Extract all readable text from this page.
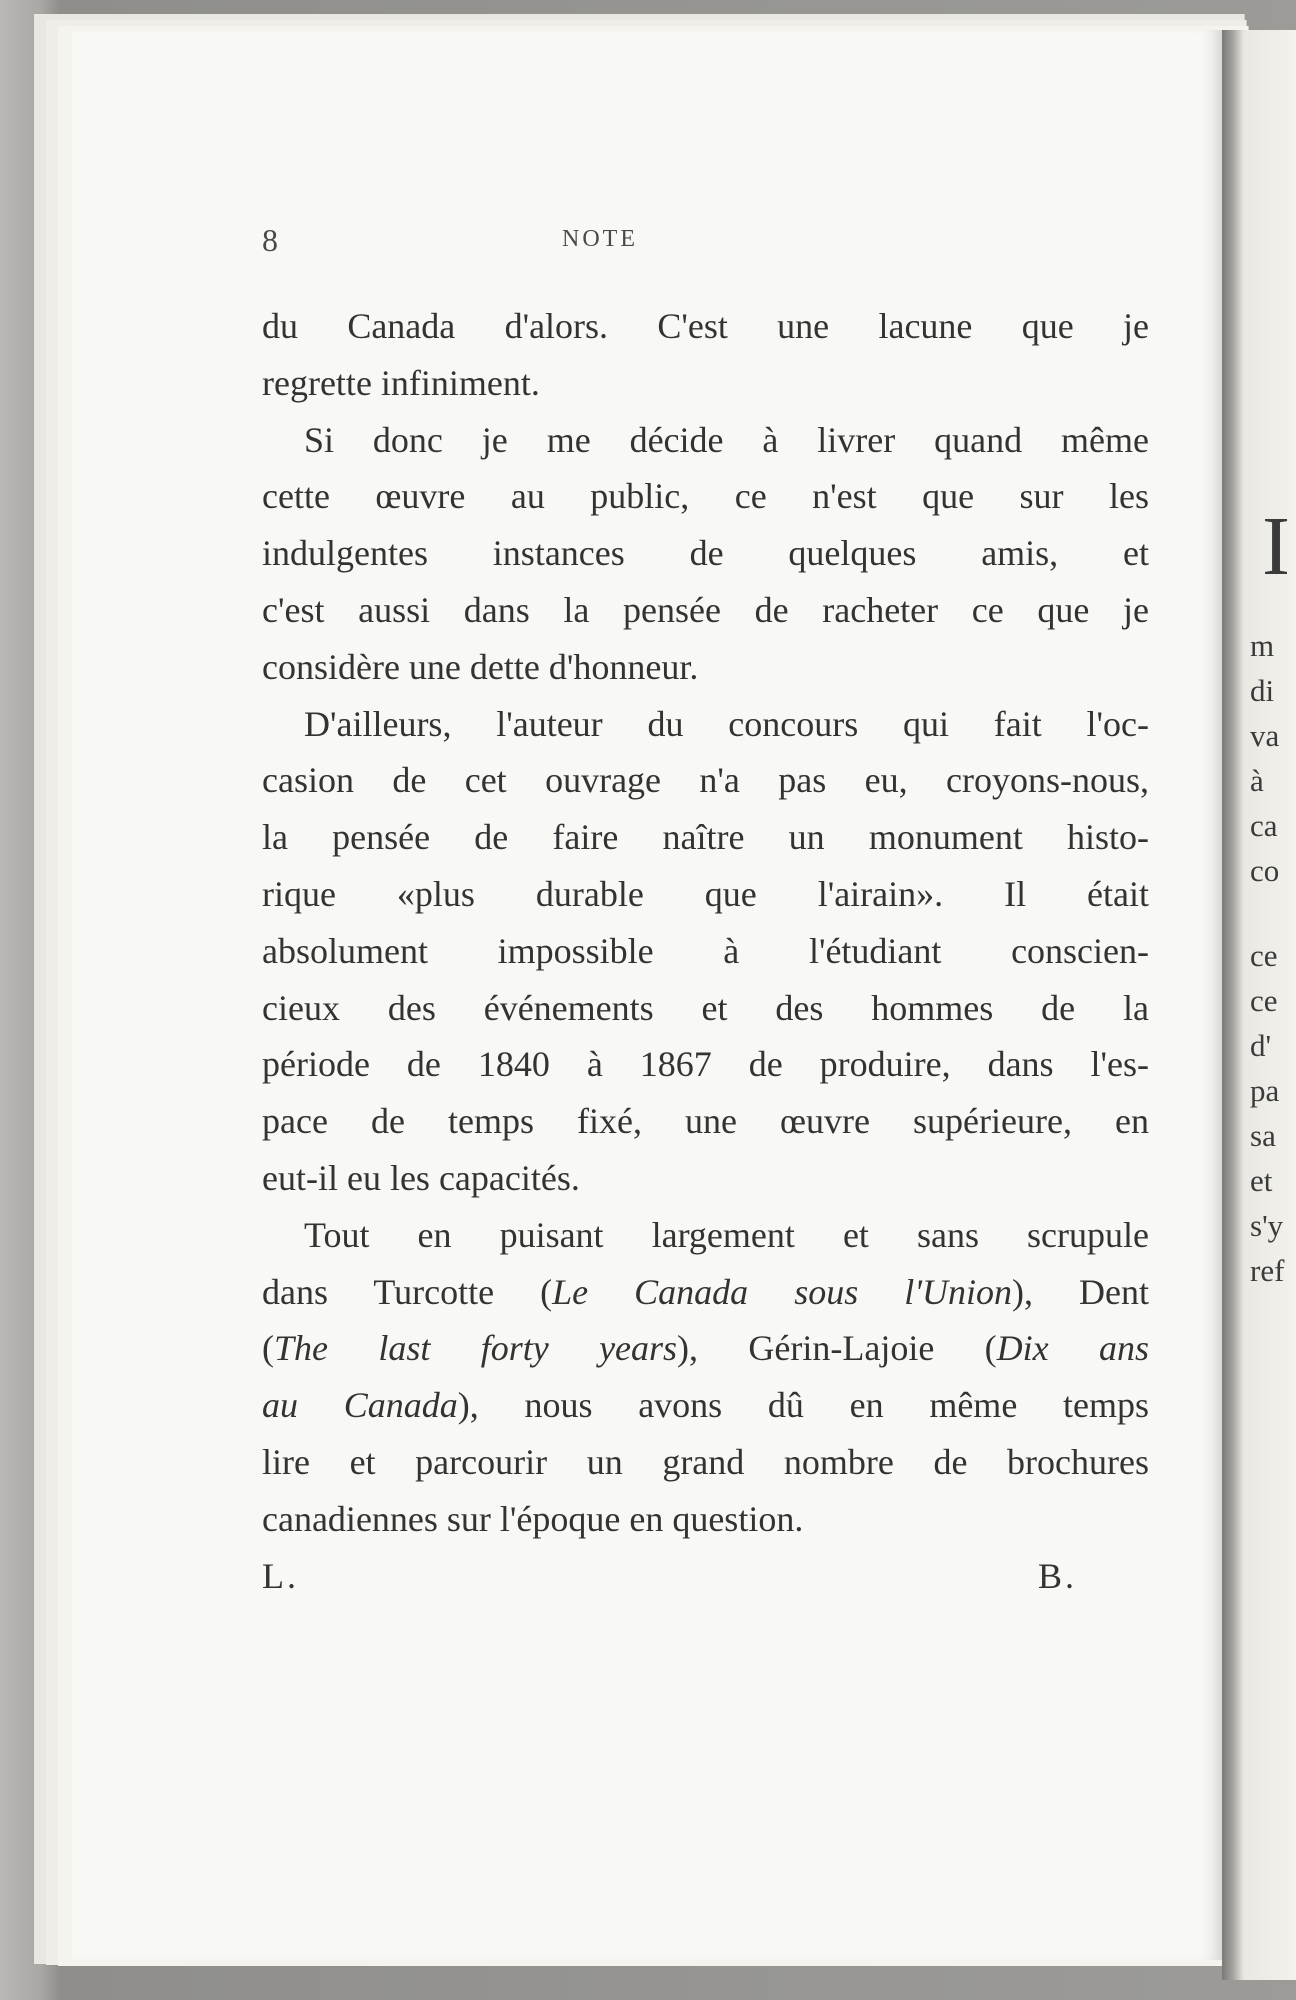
I
m
di
va
à
ca
co
ce
ce
d'
pa
sa
et
s'y
ref
8	NOTE
du Canada d'alors. C'est une lacune que je
regrette infiniment.
Si donc je me décide à livrer quand même
cette œuvre au public, ce n'est que sur les
indulgentes instances de quelques amis, et
c'est aussi dans la pensée de racheter ce que je
considère une dette d'honneur.
D'ailleurs, l'auteur du concours qui fait l'oc-
casion de cet ouvrage n'a pas eu, croyons-nous,
la pensée de faire naître un monument histo-
rique «plus durable que l'airain». Il était
absolument impossible à l'étudiant conscien-
cieux des événements et des hommes de la
période de 1840 à 1867 de produire, dans l'es-
pace de temps fixé, une œuvre supérieure, en
eut-il eu les capacités.
Tout en puisant largement et sans scrupule
dans Turcotte (Le Canada sous l'Union), Dent
(The last forty years), Gérin-Lajoie (Dix ans
au Canada), nous avons dû en même temps
lire et parcourir un grand nombre de brochures
canadiennes sur l'époque en question.
L. B.
